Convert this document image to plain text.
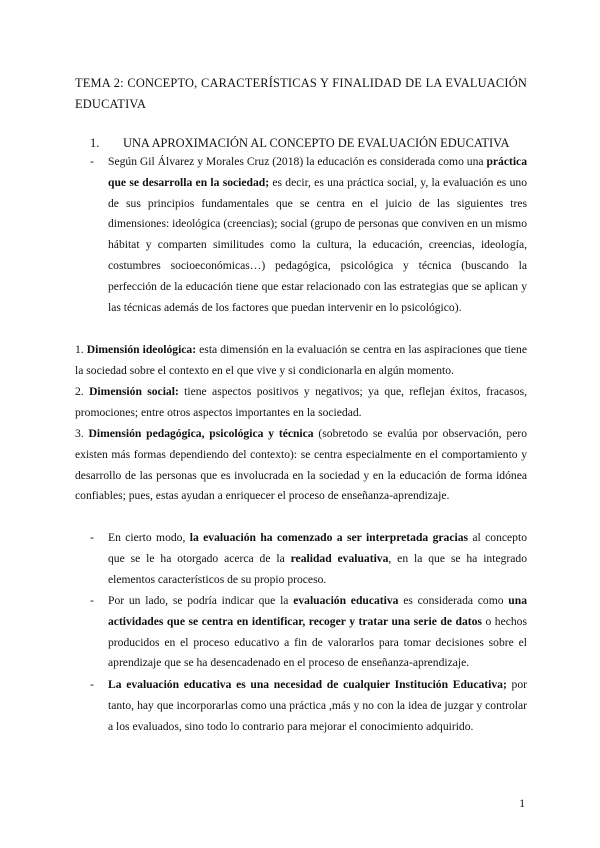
TEMA 2: CONCEPTO, CARACTERÍSTICAS Y FINALIDAD DE LA EVALUACIÓN EDUCATIVA
1. UNA APROXIMACIÓN AL CONCEPTO DE EVALUACIÓN EDUCATIVA
- Según Gil Álvarez y Morales Cruz (2018) la educación es considerada como una práctica que se desarrolla en la sociedad; es decir, es una práctica social, y, la evaluación es uno de sus principios fundamentales que se centra en el juicio de las siguientes tres dimensiones: ideológica (creencias); social (grupo de personas que conviven en un mismo hábitat y comparten similitudes como la cultura, la educación, creencias, ideología, costumbres socioeconómicas…) pedagógica, psicológica y técnica (buscando la perfección de la educación tiene que estar relacionado con las estrategias que se aplican y las técnicas además de los factores que puedan intervenir en lo psicológico).
1. Dimensión ideológica: esta dimensión en la evaluación se centra en las aspiraciones que tiene la sociedad sobre el contexto en el que vive y si condicionarla en algún momento.
2. Dimensión social: tiene aspectos positivos y negativos; ya que, reflejan éxitos, fracasos, promociones; entre otros aspectos importantes en la sociedad.
3. Dimensión pedagógica, psicológica y técnica (sobretodo se evalúa por observación, pero existen más formas dependiendo del contexto): se centra especialmente en el comportamiento y desarrollo de las personas que es involucrada en la sociedad y en la educación de forma idónea confiables; pues, estas ayudan a enriquecer el proceso de enseñanza-aprendizaje.
- En cierto modo, la evaluación ha comenzado a ser interpretada gracias al concepto que se le ha otorgado acerca de la realidad evaluativa, en la que se ha integrado elementos característicos de su propio proceso.
- Por un lado, se podría indicar que la evaluación educativa es considerada como una actividades que se centra en identificar, recoger y tratar una serie de datos o hechos producidos en el proceso educativo a fin de valorarlos para tomar decisiones sobre el aprendizaje que se ha desencadenado en el proceso de enseñanza-aprendizaje.
- La evaluación educativa es una necesidad de cualquier Institución Educativa; por tanto, hay que incorporarlas como una práctica ,más y no con la idea de juzgar y controlar a los evaluados, sino todo lo contrario para mejorar el conocimiento adquirido.
1
